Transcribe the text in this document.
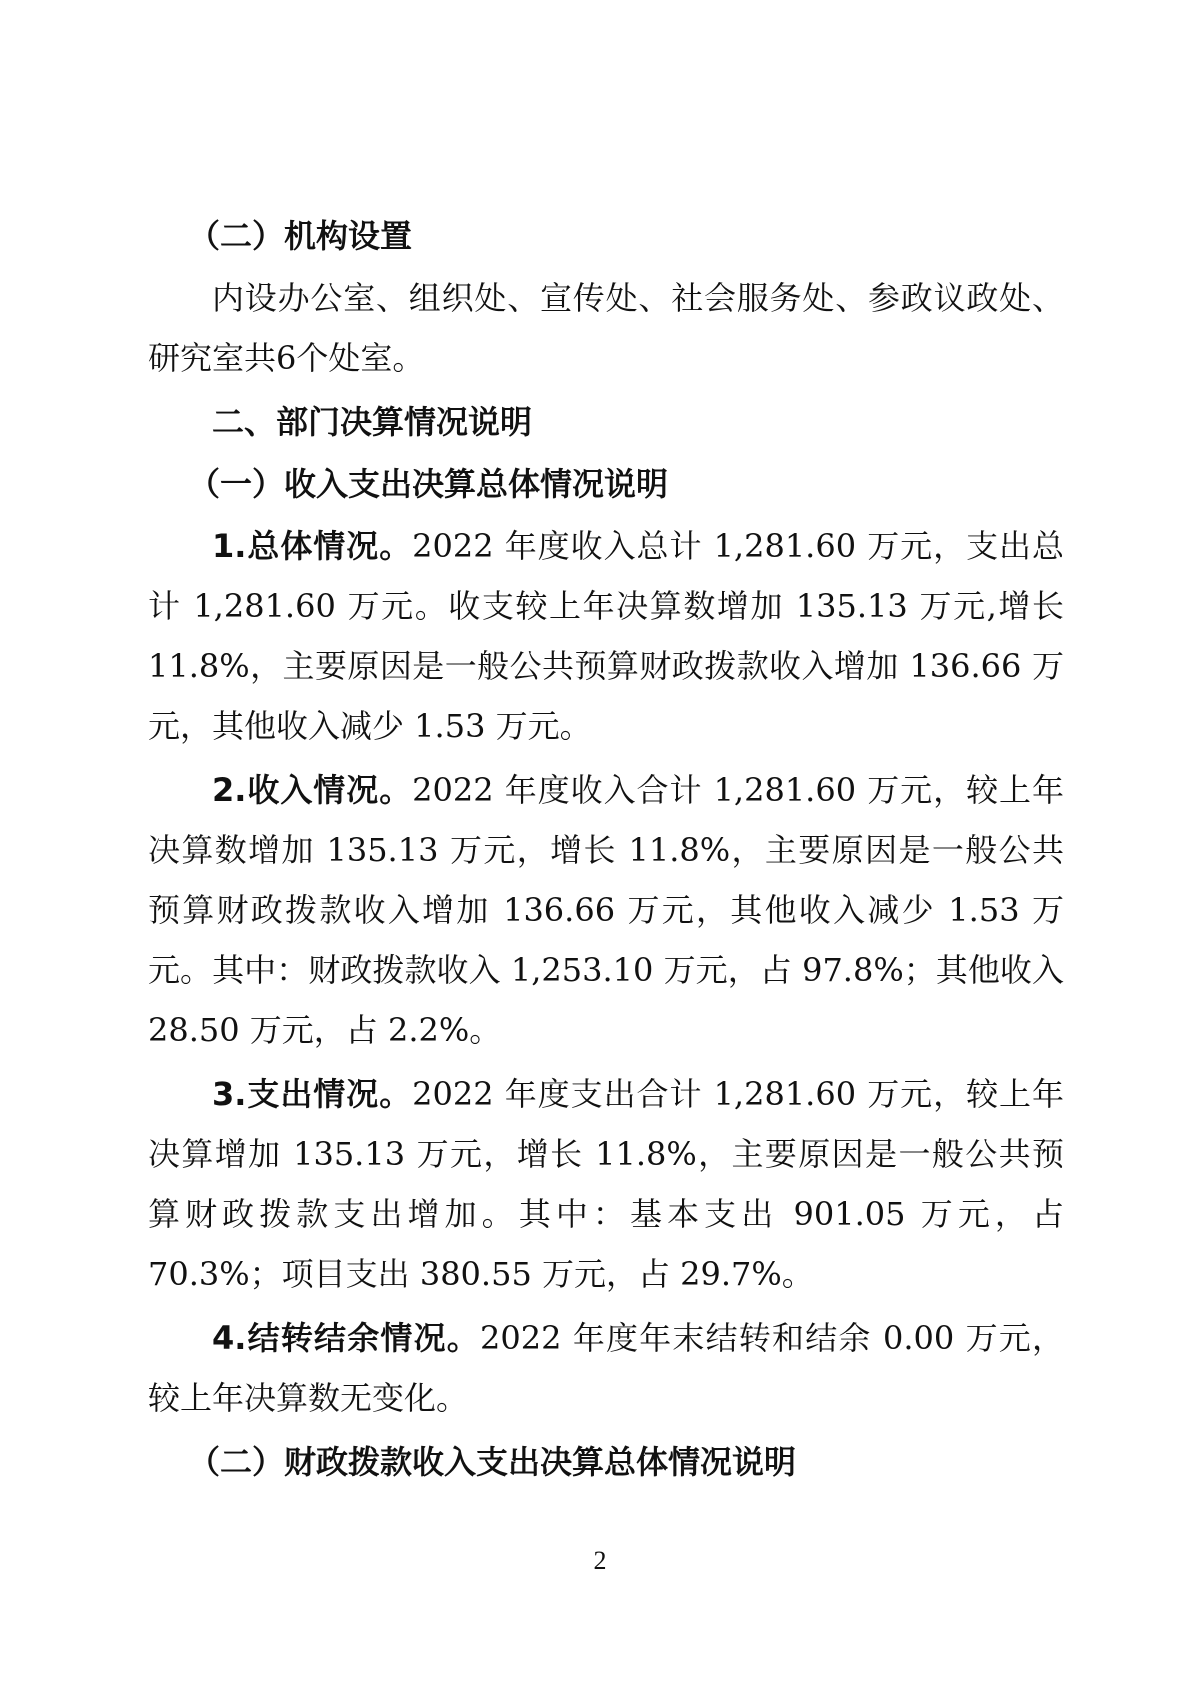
（二）机构设置

内设办公室、组织处、宣传处、社会服务处、参政议政处、研究室共6个处室。

二、部门决算情况说明

（一）收入支出决算总体情况说明

1.总体情况。2022 年度收入总计 1,281.60 万元，支出总计 1,281.60 万元。收支较上年决算数增加 135.13 万元,增长 11.8%，主要原因是一般公共预算财政拨款收入增加 136.66 万元，其他收入减少 1.53 万元。

2.收入情况。2022 年度收入合计 1,281.60 万元，较上年决算数增加 135.13 万元，增长 11.8%，主要原因是一般公共预算财政拨款收入增加 136.66 万元，其他收入减少 1.53 万元。其中：财政拨款收入 1,253.10 万元，占 97.8%；其他收入 28.50 万元，占 2.2%。

3.支出情况。2022 年度支出合计 1,281.60 万元，较上年决算增加 135.13 万元，增长 11.8%，主要原因是一般公共预算财政拨款支出增加。其中：基本支出 901.05 万元，占 70.3%；项目支出 380.55 万元，占 29.7%。

4.结转结余情况。2022 年度年末结转和结余 0.00 万元，较上年决算数无变化。

（二）财政拨款收入支出决算总体情况说明

2
